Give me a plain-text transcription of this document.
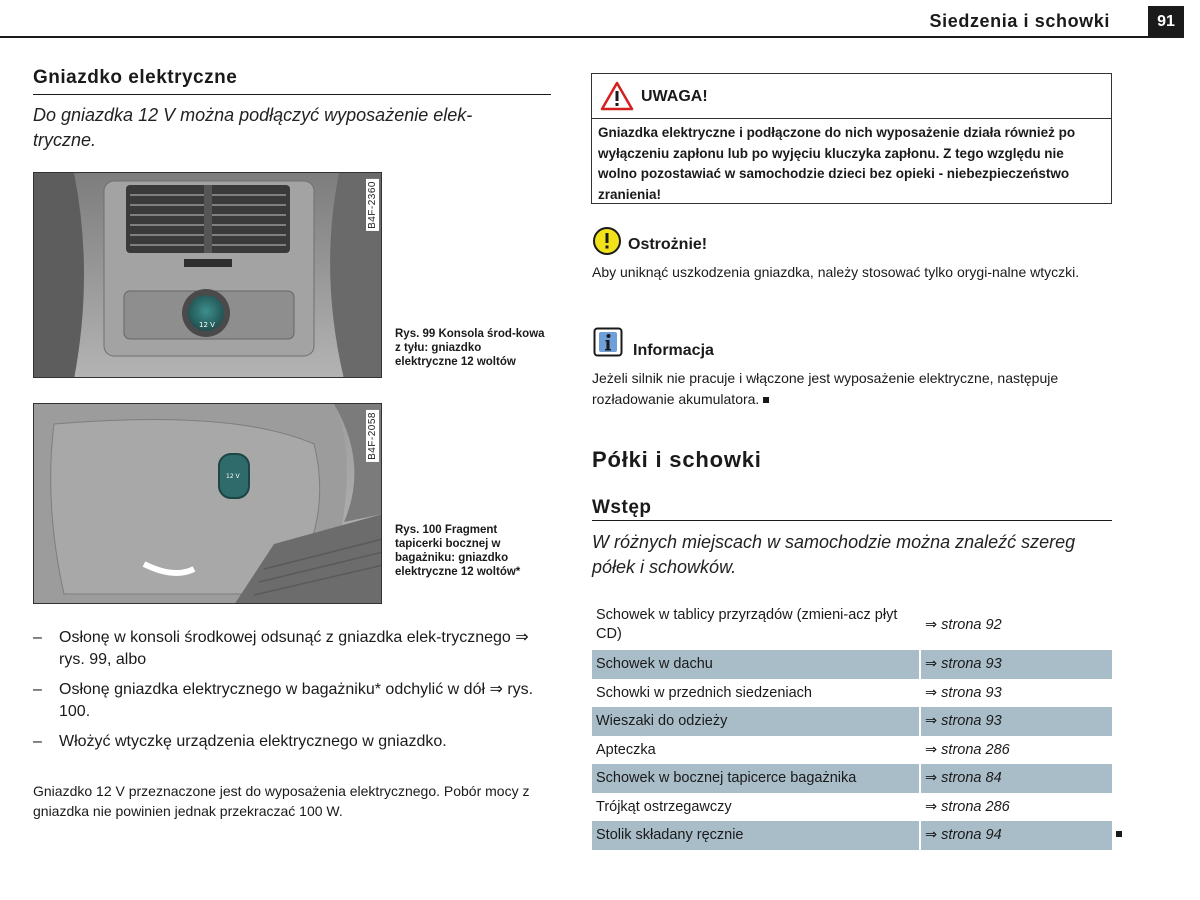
Siedzenia i schowki	91
Gniazdko elektryczne
Do gniazdka 12 V można podłączyć wyposażenie elek-tryczne.
12 V
B4F-2360
Rys. 99 Konsola środ-kowa z tyłu: gniazdko elektryczne 12 woltów
12 V
B4F-2058
Rys. 100 Fragment tapicerki bocznej w bagażniku: gniazdko elektryczne 12 woltów*
– Osłonę w konsoli środkowej odsunąć z gniazdka elek-trycznego ⇒ rys. 99, albo
– Osłonę gniazdka elektrycznego w bagażniku* odchylić w dół ⇒ rys. 100.
– Włożyć wtyczkę urządzenia elektrycznego w gniazdko.
Gniazdko 12 V przeznaczone jest do wyposażenia elektrycznego. Pobór mocy z gniazdka nie powinien jednak przekraczać 100 W.
UWAGA!
Gniazdka elektryczne i podłączone do nich wyposażenie działa również po wyłączeniu zapłonu lub po wyjęciu kluczyka zapłonu. Z tego względu nie wolno pozostawiać w samochodzie dzieci bez opieki - niebezpieczeństwo zranienia!
Ostrożnie!
Aby uniknąć uszkodzenia gniazdka, należy stosować tylko orygi-nalne wtyczki.
Informacja
Jeżeli silnik nie pracuje i włączone jest wyposażenie elektryczne, następuje rozładowanie akumulatora.
Półki i schowki
Wstęp
W różnych miejscach w samochodzie można znaleźć szereg półek i schowków.
Schowek w tablicy przyrządów (zmieni-acz płyt CD)	⇒ strona 92
Schowek w dachu	⇒ strona 93
Schowki w przednich siedzeniach	⇒ strona 93
Wieszaki do odzieży	⇒ strona 93
Apteczka	⇒ strona 286
Schowek w bocznej tapicerce bagażnika	⇒ strona 84
Trójkąt ostrzegawczy	⇒ strona 286
Stolik składany ręcznie	⇒ strona 94
